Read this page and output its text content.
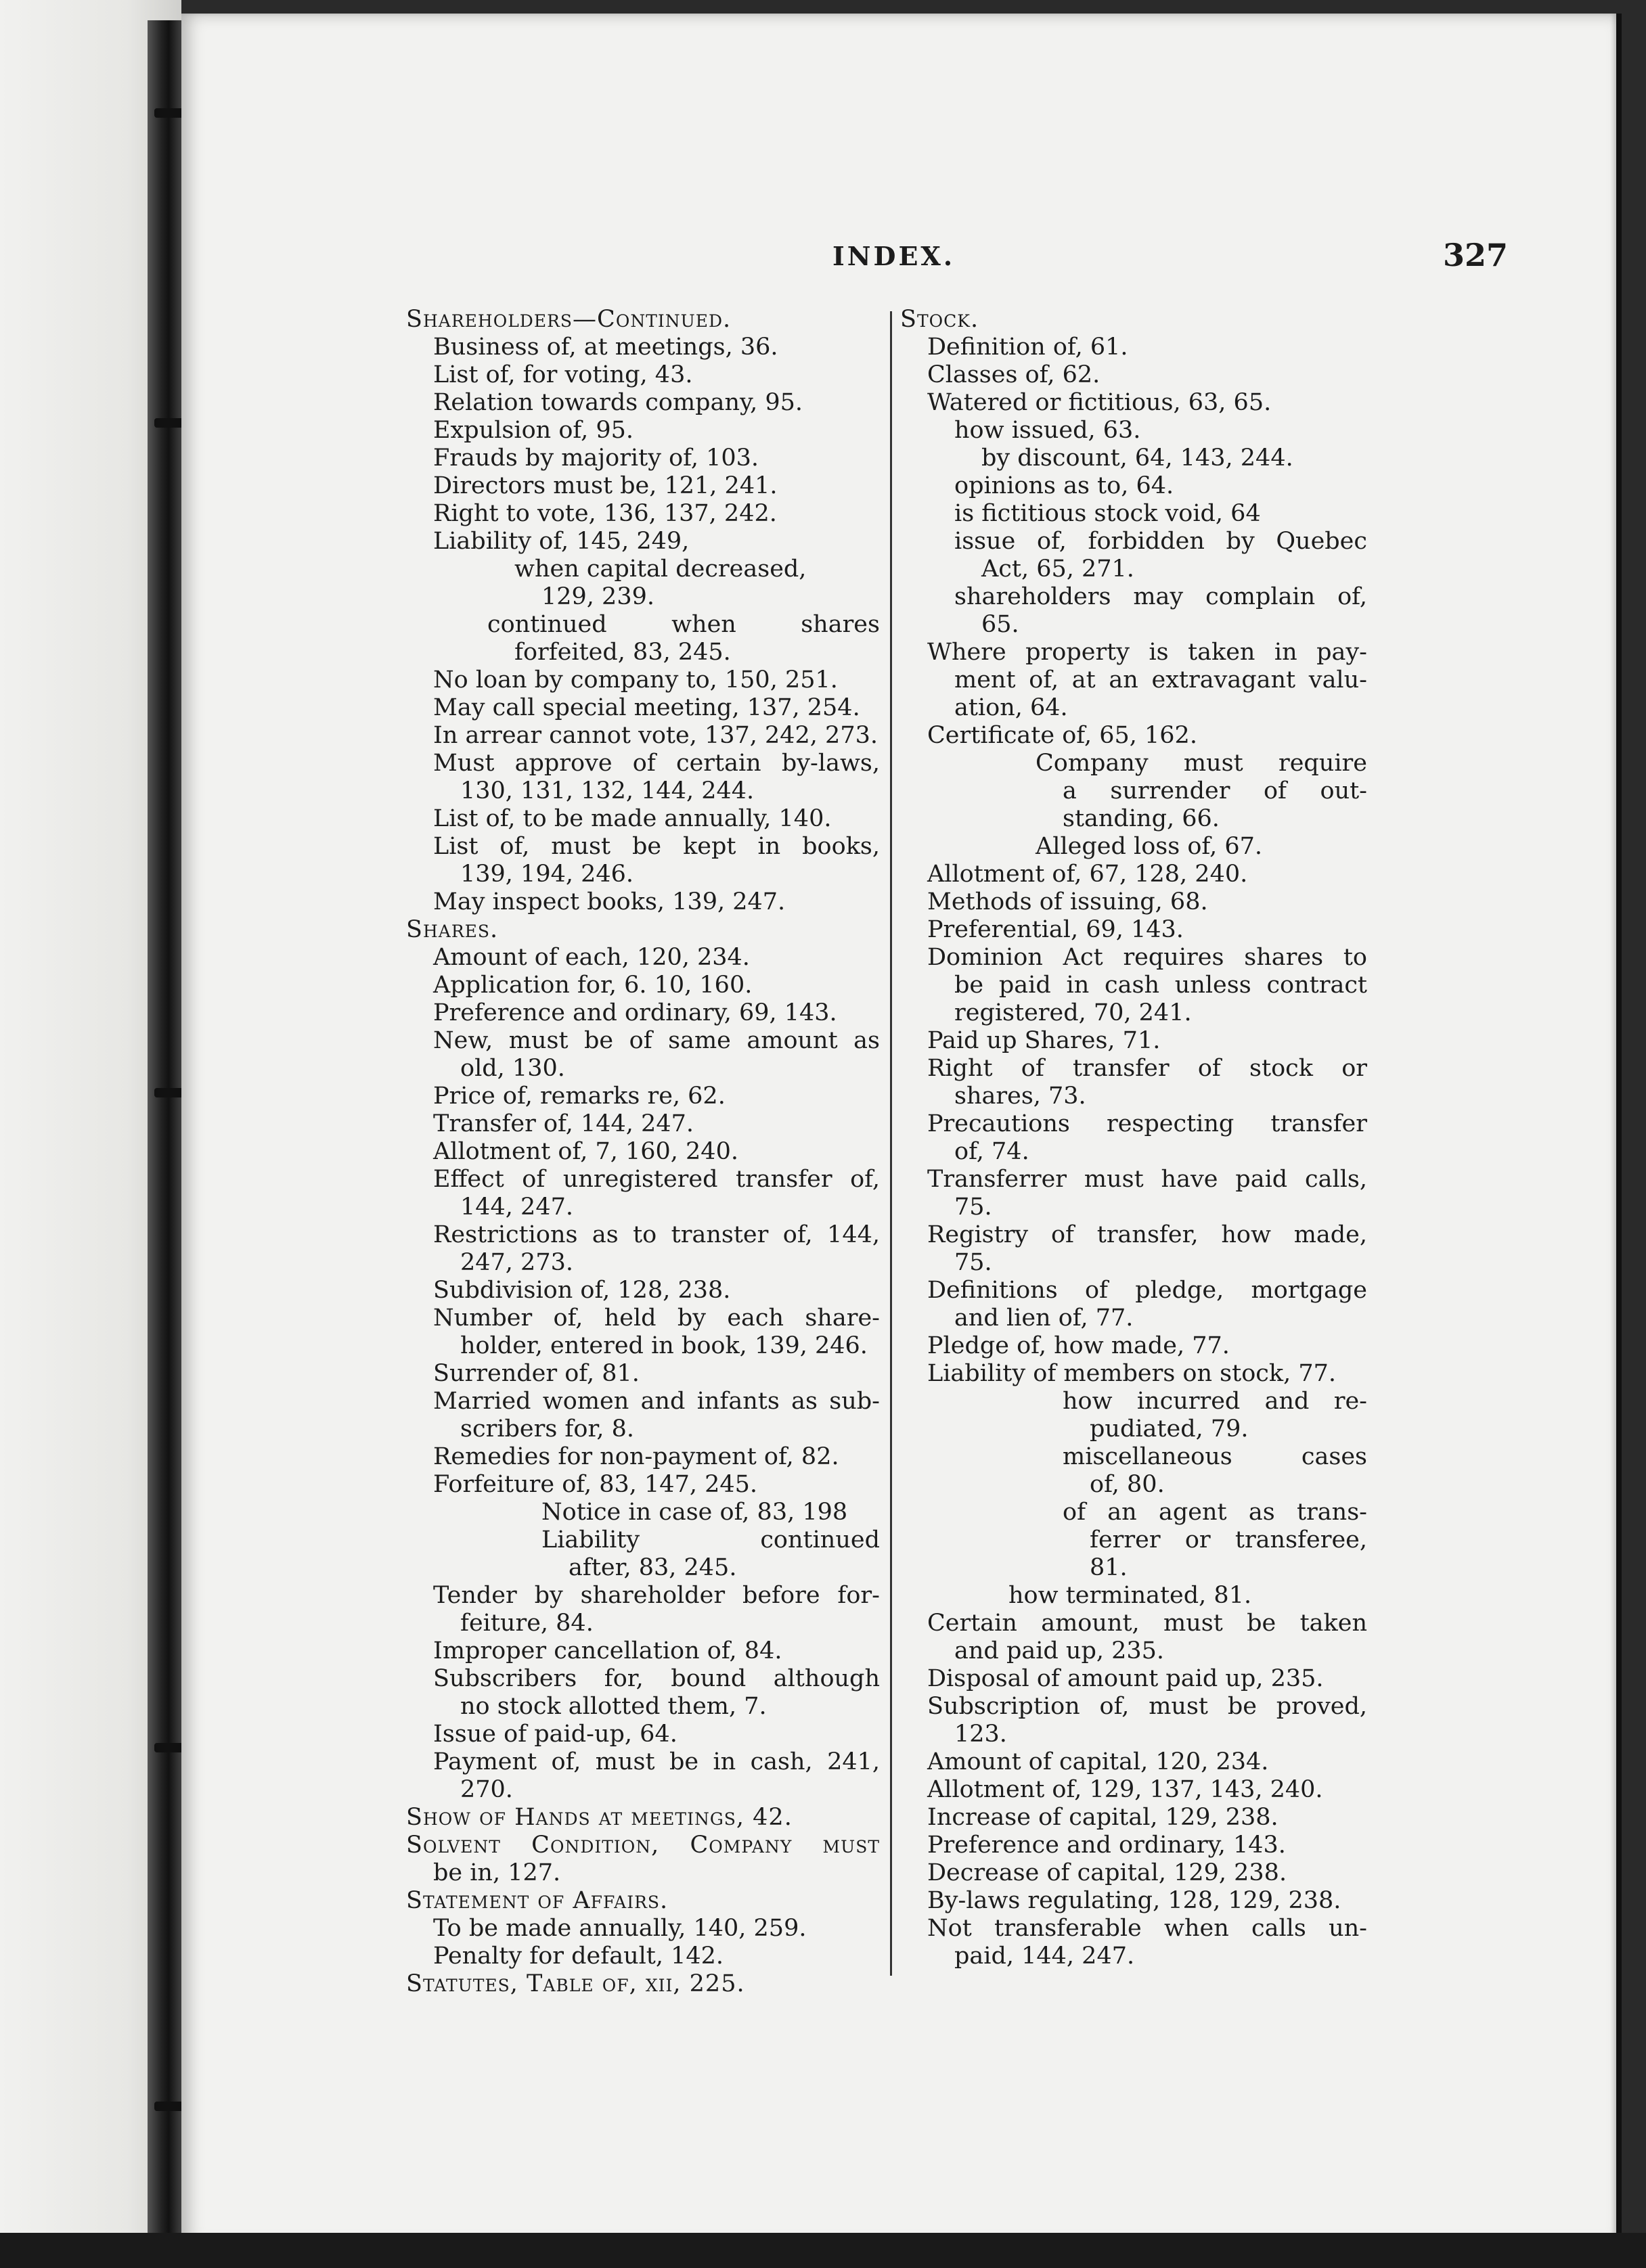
INDEX.	327
Shareholders—Continued.
Business of, at meetings, 36.
List of, for voting, 43.
Relation towards company, 95.
Expulsion of, 95.
Frauds by majority of, 103.
Directors must be, 121, 241.
Right to vote, 136, 137, 242.
Liability of, 145, 249,
when capital decreased,
129, 239.
continued when shares
forfeited, 83, 245.
No loan by company to, 150, 251.
May call special meeting, 137, 254.
In arrear cannot vote, 137, 242, 273.
Must approve of certain by-laws,
130, 131, 132, 144, 244.
List of, to be made annually, 140.
List of, must be kept in books,
139, 194, 246.
May inspect books, 139, 247.
Shares.
Amount of each, 120, 234.
Application for, 6. 10, 160.
Preference and ordinary, 69, 143.
New, must be of same amount as
old, 130.
Price of, remarks re, 62.
Transfer of, 144, 247.
Allotment of, 7, 160, 240.
Effect of unregistered transfer of,
144, 247.
Restrictions as to transter of, 144,
247, 273.
Subdivision of, 128, 238.
Number of, held by each share-
holder, entered in book, 139, 246.
Surrender of, 81.
Married women and infants as sub-
scribers for, 8.
Remedies for non-payment of, 82.
Forfeiture of, 83, 147, 245.
Notice in case of, 83, 198
Liability continued
after, 83, 245.
Tender by shareholder before for-
feiture, 84.
Improper cancellation of, 84.
Subscribers for, bound although
no stock allotted them, 7.
Issue of paid-up, 64.
Payment of, must be in cash, 241,
270.
Show of Hands at meetings, 42.
Solvent Condition, Company must
be in, 127.
Statement of Affairs.
To be made annually, 140, 259.
Penalty for default, 142.
Statutes, Table of, xii, 225.
Stock.
Definition of, 61.
Classes of, 62.
Watered or fictitious, 63, 65.
how issued, 63.
by discount, 64, 143, 244.
opinions as to, 64.
is fictitious stock void, 64
issue of, forbidden by Quebec
Act, 65, 271.
shareholders may complain of,
65.
Where property is taken in pay-
ment of, at an extravagant valu-
ation, 64.
Certificate of, 65, 162.
Company must require
a surrender of out-
standing, 66.
Alleged loss of, 67.
Allotment of, 67, 128, 240.
Methods of issuing, 68.
Preferential, 69, 143.
Dominion Act requires shares to
be paid in cash unless contract
registered, 70, 241.
Paid up Shares, 71.
Right of transfer of stock or
shares, 73.
Precautions respecting transfer
of, 74.
Transferrer must have paid calls,
75.
Registry of transfer, how made,
75.
Definitions of pledge, mortgage
and lien of, 77.
Pledge of, how made, 77.
Liability of members on stock, 77.
how incurred and re-
pudiated, 79.
miscellaneous cases
of, 80.
of an agent as trans-
ferrer or transferee,
81.
how terminated, 81.
Certain amount, must be taken
and paid up, 235.
Disposal of amount paid up, 235.
Subscription of, must be proved,
123.
Amount of capital, 120, 234.
Allotment of, 129, 137, 143, 240.
Increase of capital, 129, 238.
Preference and ordinary, 143.
Decrease of capital, 129, 238.
By-laws regulating, 128, 129, 238.
Not transferable when calls un-
paid, 144, 247.
